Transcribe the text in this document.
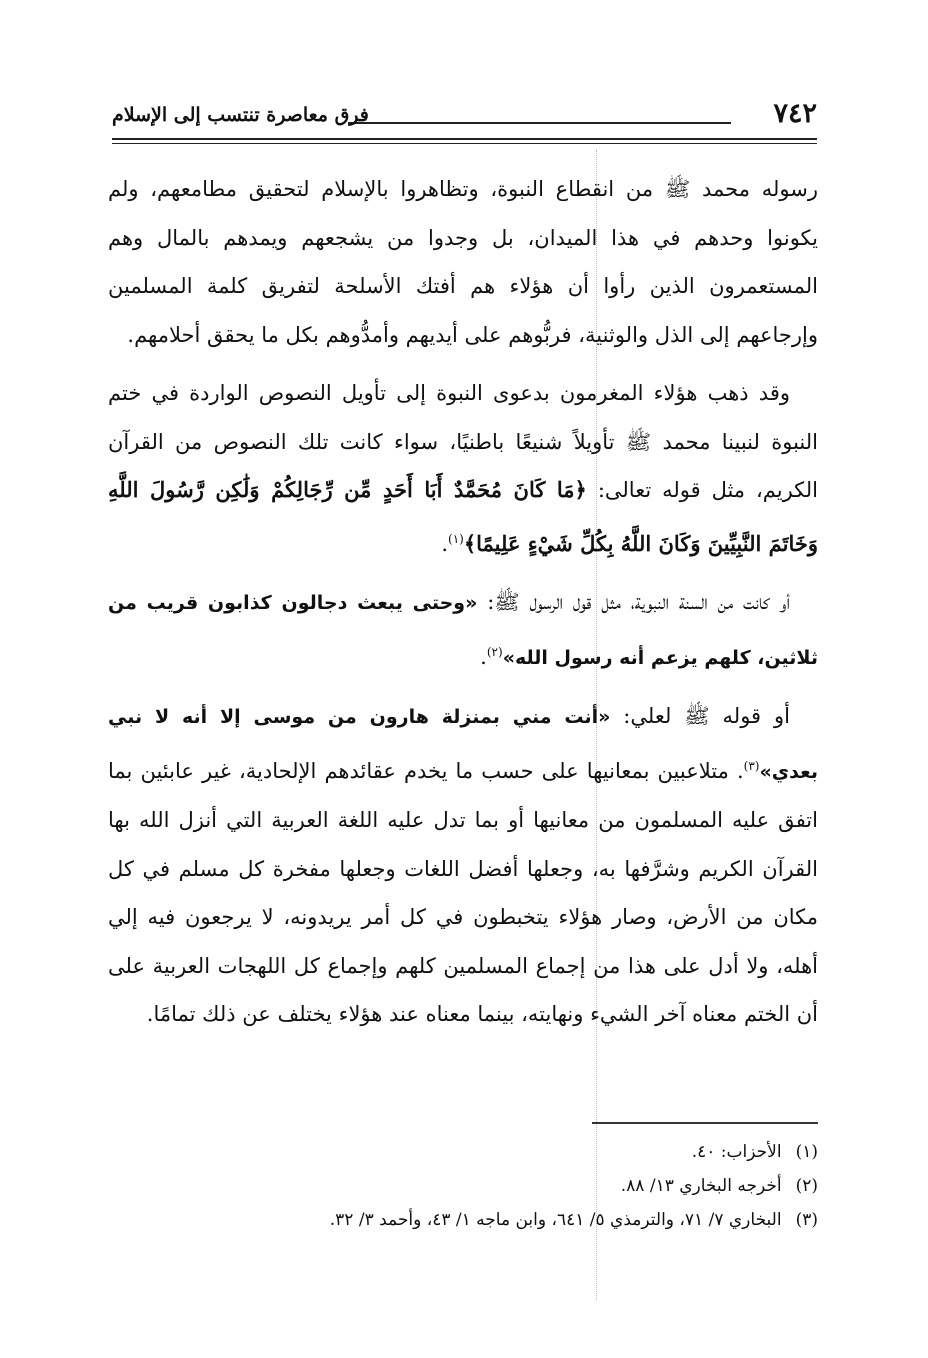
٧٤٢
فرق معاصرة تنتسب إلى الإسلام

رسوله محمد ﷺ من انقطاع النبوة، وتظاهروا بالإسلام لتحقيق مطامعهم، ولم يكونوا وحدهم في هذا الميدان، بل وجدوا من يشجعهم ويمدهم بالمال وهم المستعمرون الذين رأوا أن هؤلاء هم أفتك الأسلحة لتفريق كلمة المسلمين وإرجاعهم إلى الذل والوثنية، فربُّوهم على أيديهم وأمدُّوهم بكل ما يحقق أحلامهم.

وقد ذهب هؤلاء المغرمون بدعوى النبوة إلى تأويل النصوص الواردة في ختم النبوة لنبينا محمد ﷺ تأويلاً شنيعًا باطنيًا، سواء كانت تلك النصوص من القرآن الكريم، مثل قوله تعالى: ﴿مَا كَانَ مُحَمَّدٌ أَبَا أَحَدٍ مِّن رِّجَالِكُمْ وَلَٰكِن رَّسُولَ اللَّهِ وَخَاتَمَ النَّبِيِّينَ وَكَانَ اللَّهُ بِكُلِّ شَيْءٍ عَلِيمًا﴾$^{(١)}$.

أو كانت من السنة النبوية، مثل قول الرسول ﷺ: «وحتى يبعث دجالون كذابون قريب من ثلاثين، كلهم يزعم أنه رسول الله»$^{(٢)}$.

أو قوله ﷺ لعلي: «أنت مني بمنزلة هارون من موسى إلا أنه لا نبي بعدي»$^{(٣)}$. متلاعبين بمعانيها على حسب ما يخدم عقائدهم الإلحادية، غير عابئين بما اتفق عليه المسلمون من معانيها أو بما تدل عليه اللغة العربية التي أنزل الله بها القرآن الكريم وشرَّفها به، وجعلها أفضل اللغات وجعلها مفخرة كل مسلم في كل مكان من الأرض، وصار هؤلاء يتخبطون في كل أمر يريدونه، لا يرجعون فيه إلي أهله، ولا أدل على هذا من إجماع المسلمين كلهم وإجماع كل اللهجات العربية على أن الختم معناه آخر الشيء ونهايته، بينما معناه عند هؤلاء يختلف عن ذلك تمامًا.

(١)الأحزاب: ٤٠.
(٢)أخرجه البخاري ١٣/ ٨٨.
(٣)البخاري ٧/ ٧١، والترمذي ٥/ ٦٤١، وابن ماجه ١/ ٤٣، وأحمد ٣/ ٣٢.
